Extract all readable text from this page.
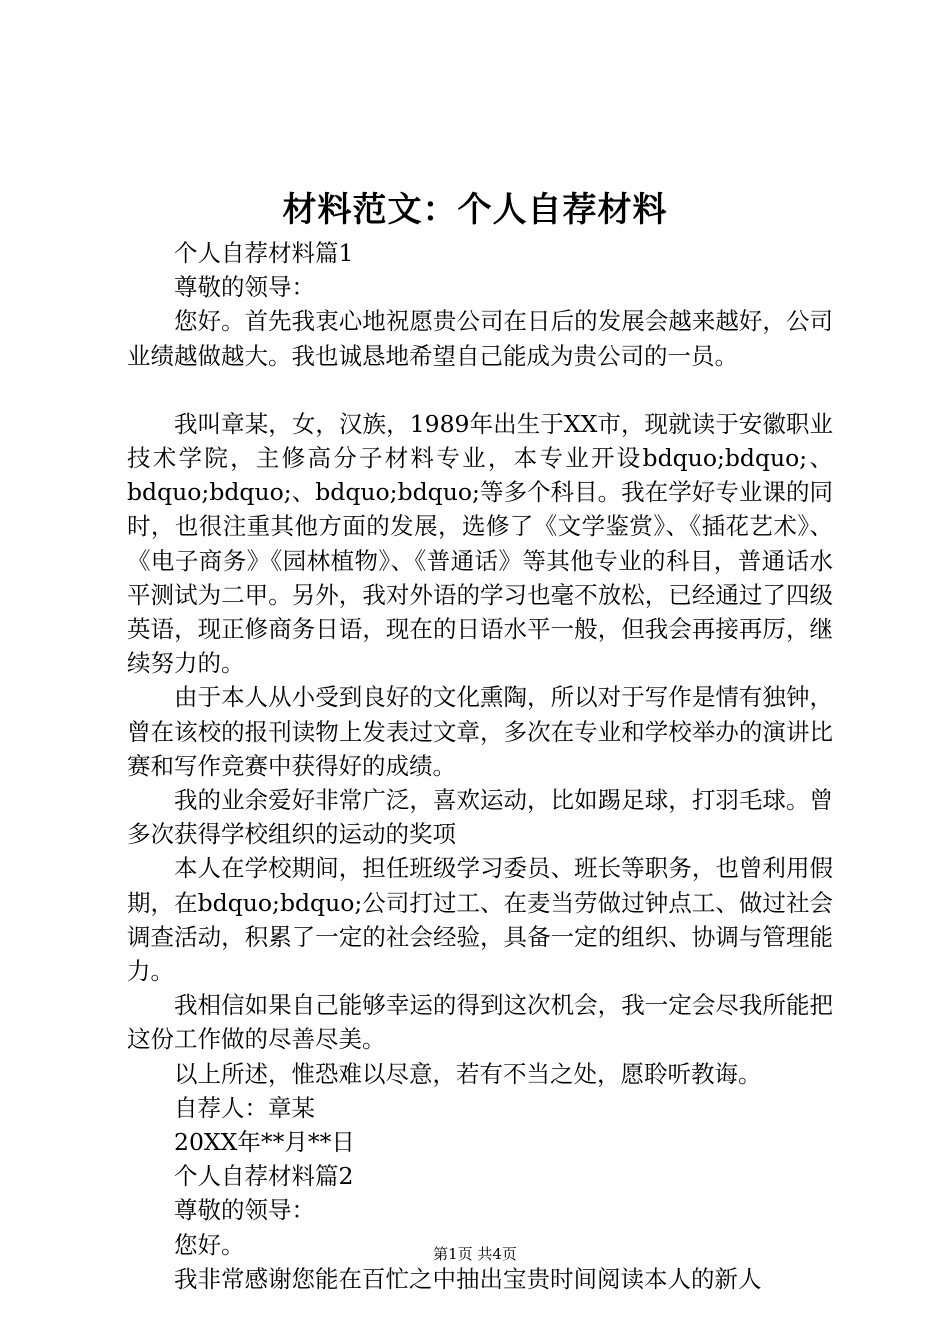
材料范文：个人自荐材料

个人自荐材料篇1

尊敬的领导：

您好。首先我衷心地祝愿贵公司在日后的发展会越来越好，公司业绩越做越大。我也诚恳地希望自己能成为贵公司的一员。

我叫章某，女，汉族，1989年出生于XX市，现就读于安徽职业技术学院，主修高分子材料专业，本专业开设bdquo;bdquo;、bdquo;bdquo;、bdquo;bdquo;等多个科目。我在学好专业课的同时，也很注重其他方面的发展，选修了《文学鉴赏》、《插花艺术》、《电子商务》《园林植物》、《普通话》等其他专业的科目，普通话水平测试为二甲。另外，我对外语的学习也毫不放松，已经通过了四级英语，现正修商务日语，现在的日语水平一般，但我会再接再厉，继续努力的。

由于本人从小受到良好的文化熏陶，所以对于写作是情有独钟，曾在该校的报刊读物上发表过文章，多次在专业和学校举办的演讲比赛和写作竞赛中获得好的成绩。

我的业余爱好非常广泛，喜欢运动，比如踢足球，打羽毛球。曾多次获得学校组织的运动的奖项

本人在学校期间，担任班级学习委员、班长等职务，也曾利用假期，在bdquo;bdquo;公司打过工、在麦当劳做过钟点工、做过社会调查活动，积累了一定的社会经验，具备一定的组织、协调与管理能力。

我相信如果自己能够幸运的得到这次机会，我一定会尽我所能把这份工作做的尽善尽美。

以上所述，惟恐难以尽意，若有不当之处，愿聆听教诲。

自荐人：章某

20XX年**月**日

个人自荐材料篇2

尊敬的领导：

您好。

我非常感谢您能在百忙之中抽出宝贵时间阅读本人的新人

第1页 共4页
